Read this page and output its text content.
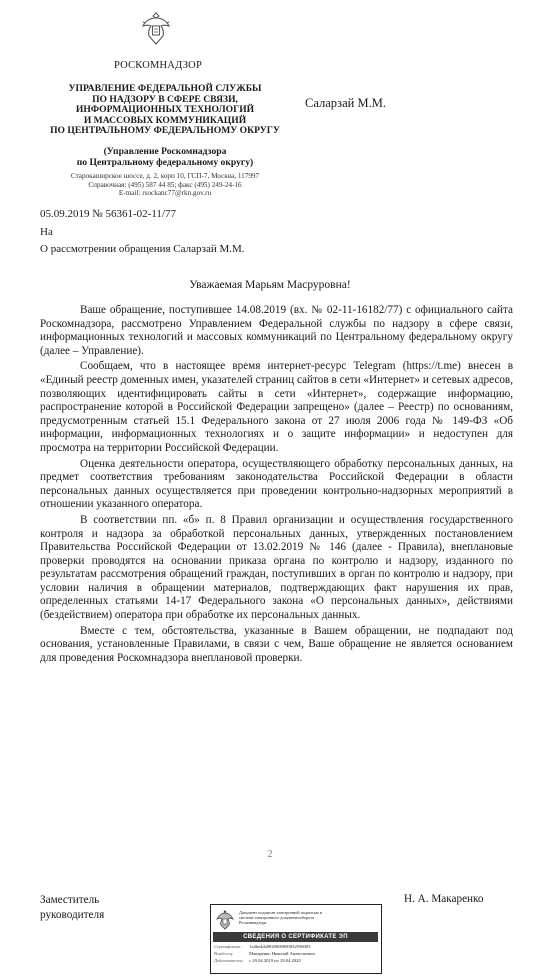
РОСКОМНАДЗОР
УПРАВЛЕНИЕ ФЕДЕРАЛЬНОЙ СЛУЖБЫ
ПО НАДЗОРУ В СФЕРЕ СВЯЗИ,
ИНФОРМАЦИОННЫХ ТЕХНОЛОГИЙ
И МАССОВЫХ КОММУНИКАЦИЙ
ПО ЦЕНТРАЛЬНОМУ ФЕДЕРАЛЬНОМУ ОКРУГУ
(Управление Роскомнадзора
по Центральному федеральному округу)
Старокаширское шоссе, д. 2, корп 10, ГСП-7, Москва, 117997
Справочная: (495) 587 44 85; факс (495) 249-24-16
E-mail: rsockanc77@rkn.gov.ru
Саларзай М.М.
05.09.2019 № 56361-02-11/77
На
О рассмотрении обращения Саларзай М.М.
Уважаемая Марьям Масруровна!

Ваше обращение, поступившее 14.08.2019 (вх. № 02-11-16182/77) с официального сайта Роскомнадзора, рассмотрено Управлением Федеральной службы по надзору в сфере связи, информационных технологий и массовых коммуникаций по Центральному федеральному округу (далее – Управление).

Сообщаем, что в настоящее время интернет-ресурс Telegram (https://t.me) внесен в «Единый реестр доменных имен, указателей страниц сайтов в сети «Интернет» и сетевых адресов, позволяющих идентифицировать сайты в сети «Интернет», содержащие информацию, распространение которой в Российской Федерации запрещено» (далее – Реестр) по основаниям, предусмотренным статьей 15.1 Федерального закона от 27 июля 2006 года № 149-ФЗ «Об информации, информационных технологиях и о защите информации» и недоступен для просмотра на территории Российской Федерации.

Оценка деятельности оператора, осуществляющего обработку персональных данных, на предмет соответствия требованиям законодательства Российской Федерации в области персональных данных осуществляется при проведении контрольно-надзорных мероприятий в отношении указанного оператора.

В соответствии пп. «б» п. 8 Правил организации и осуществления государственного контроля и надзора за обработкой персональных данных, утвержденных постановлением Правительства Российской Федерации от 13.02.2019 № 146 (далее - Правила), внеплановые проверки проводятся на основании приказа органа по контролю и надзору, изданного по результатам рассмотрения обращений граждан, поступивших в орган по контролю и надзору, при условии наличия в обращении материалов, подтверждающих факт нарушения их прав, определенных статьями 14-17 Федерального закона «О персональных данных», действиями (бездействием) оператора при обработке их персональных данных.

Вместе с тем, обстоятельства, указанные в Вашем обращении, не подпадают под основания, установленные Правилами, в связи с чем, Ваше обращение не является основанием для проведения Роскомнадзора внеплановой проверки.

2
Заместитель
руководителя
Н. А. Макаренко
Документ подписан электронной подписью в
системе электронного документооборота
Роскомнадзора
СВЕДЕНИЯ О СЕРТИФИКАТЕ ЭП
Сертификат: 1a4be4da9820000000032936003
Владелец:	Макаренко Николай Анатольевич
Действителен: с 29.04.2019 по 29.04.2020
